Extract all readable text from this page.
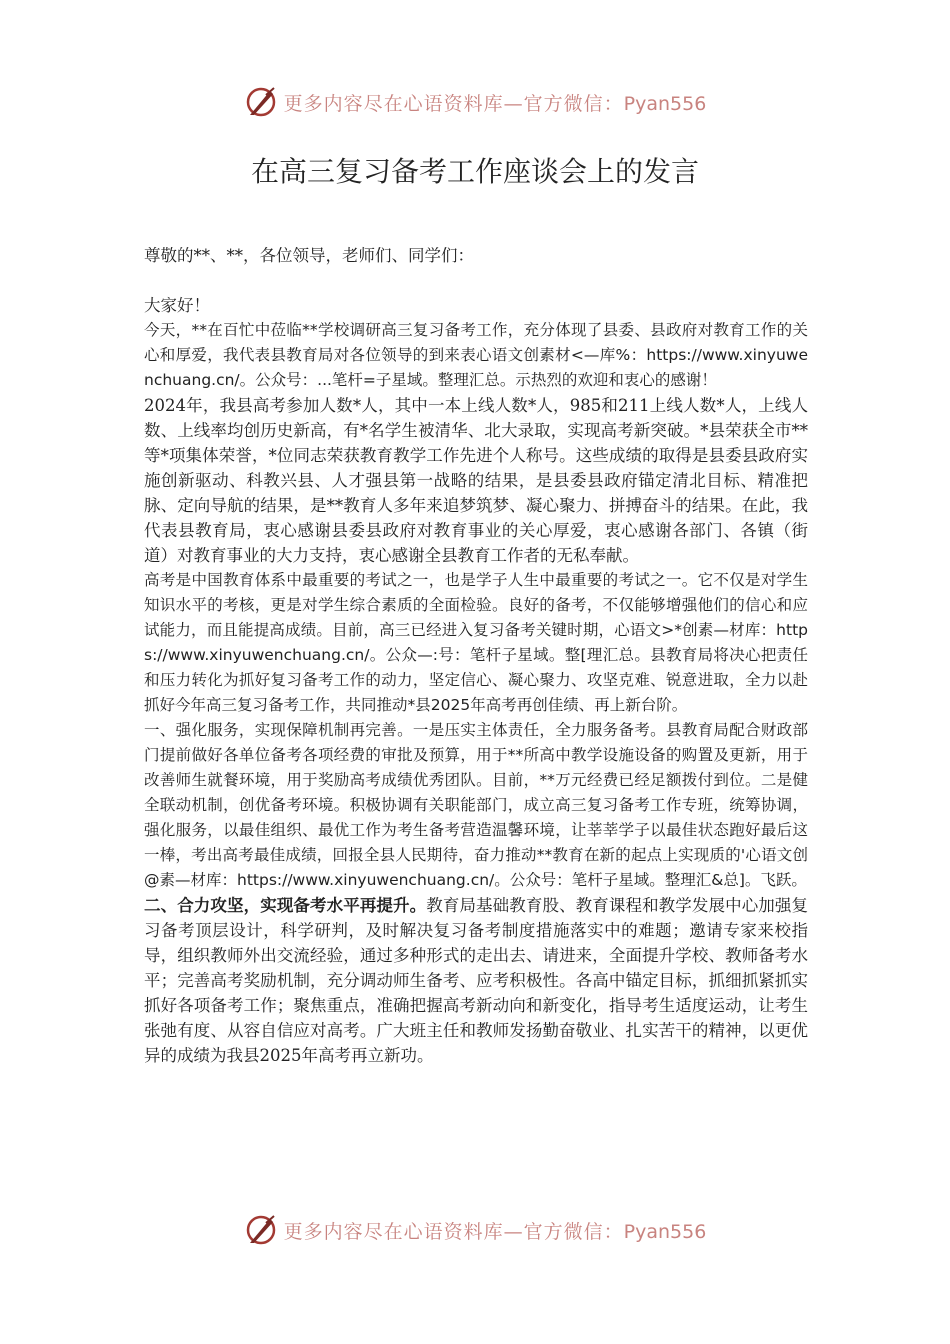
更多内容尽在心语资料库—官方微信：Pyan556
在高三复习备考工作座谈会上的发言

尊敬的**、**，各位领导，老师们、同学们：

大家好！

今天，**在百忙中莅临**学校调研高三复习备考工作，充分体现了县委、县政府对教育工作的关心和厚爱，我代表县教育局对各位领导的到来表心语文创素材<—库%：https://www.xinyuwenchuang.cn/。公众号：...笔杆=子星域。整理汇总。示热烈的欢迎和衷心的感谢！

2024年，我县高考参加人数*人，其中一本上线人数*人，985和211上线人数*人，上线人数、上线率均创历史新高，有*名学生被清华、北大录取，实现高考新突破。*县荣获全市**等*项集体荣誉，*位同志荣获教育教学工作先进个人称号。这些成绩的取得是县委县政府实施创新驱动、科教兴县、人才强县第一战略的结果，是县委县政府锚定清北目标、精准把脉、定向导航的结果，是**教育人多年来追梦筑梦、凝心聚力、拼搏奋斗的结果。在此，我代表县教育局，衷心感谢县委县政府对教育事业的关心厚爱，衷心感谢各部门、各镇（街道）对教育事业的大力支持，衷心感谢全县教育工作者的无私奉献。

高考是中国教育体系中最重要的考试之一，也是学子人生中最重要的考试之一。它不仅是对学生知识水平的考核，更是对学生综合素质的全面检验。良好的备考，不仅能够增强他们的信心和应试能力，而且能提高成绩。目前，高三已经进入复习备考关键时期，心语文>*创素—材库：https://www.xinyuwenchuang.cn/。公众—:号：笔杆子星域。整[理汇总。县教育局将决心把责任和压力转化为抓好复习备考工作的动力，坚定信心、凝心聚力、攻坚克难、锐意进取，全力以赴抓好今年高三复习备考工作，共同推动*县2025年高考再创佳绩、再上新台阶。

一、强化服务，实现保障机制再完善。一是压实主体责任，全力服务备考。县教育局配合财政部门提前做好各单位备考各项经费的审批及预算，用于**所高中教学设施设备的购置及更新，用于改善师生就餐环境，用于奖励高考成绩优秀团队。目前，**万元经费已经足额拨付到位。二是健全联动机制，创优备考环境。积极协调有关职能部门，成立高三复习备考工作专班，统筹协调，强化服务，以最佳组织、最优工作为考生备考营造温馨环境，让莘莘学子以最佳状态跑好最后这一棒，考出高考最佳成绩，回报全县人民期待，奋力推动**教育在新的起点上实现质的'心语文创@素—材库：https://www.xinyuwenchuang.cn/。公众号：笔杆子星域。整理汇&总]。飞跃。

二、合力攻坚，实现备考水平再提升。教育局基础教育股、教育课程和教学发展中心加强复习备考顶层设计，科学研判，及时解决复习备考制度措施落实中的难题；邀请专家来校指导，组织教师外出交流经验，通过多种形式的走出去、请进来，全面提升学校、教师备考水平；完善高考奖励机制，充分调动师生备考、应考积极性。各高中锚定目标，抓细抓紧抓实抓好各项备考工作；聚焦重点，准确把握高考新动向和新变化，指导考生适度运动，让考生张弛有度、从容自信应对高考。广大班主任和教师发扬勤奋敬业、扎实苦干的精神，以更优异的成绩为我县2025年高考再立新功。

更多内容尽在心语资料库—官方微信：Pyan556
